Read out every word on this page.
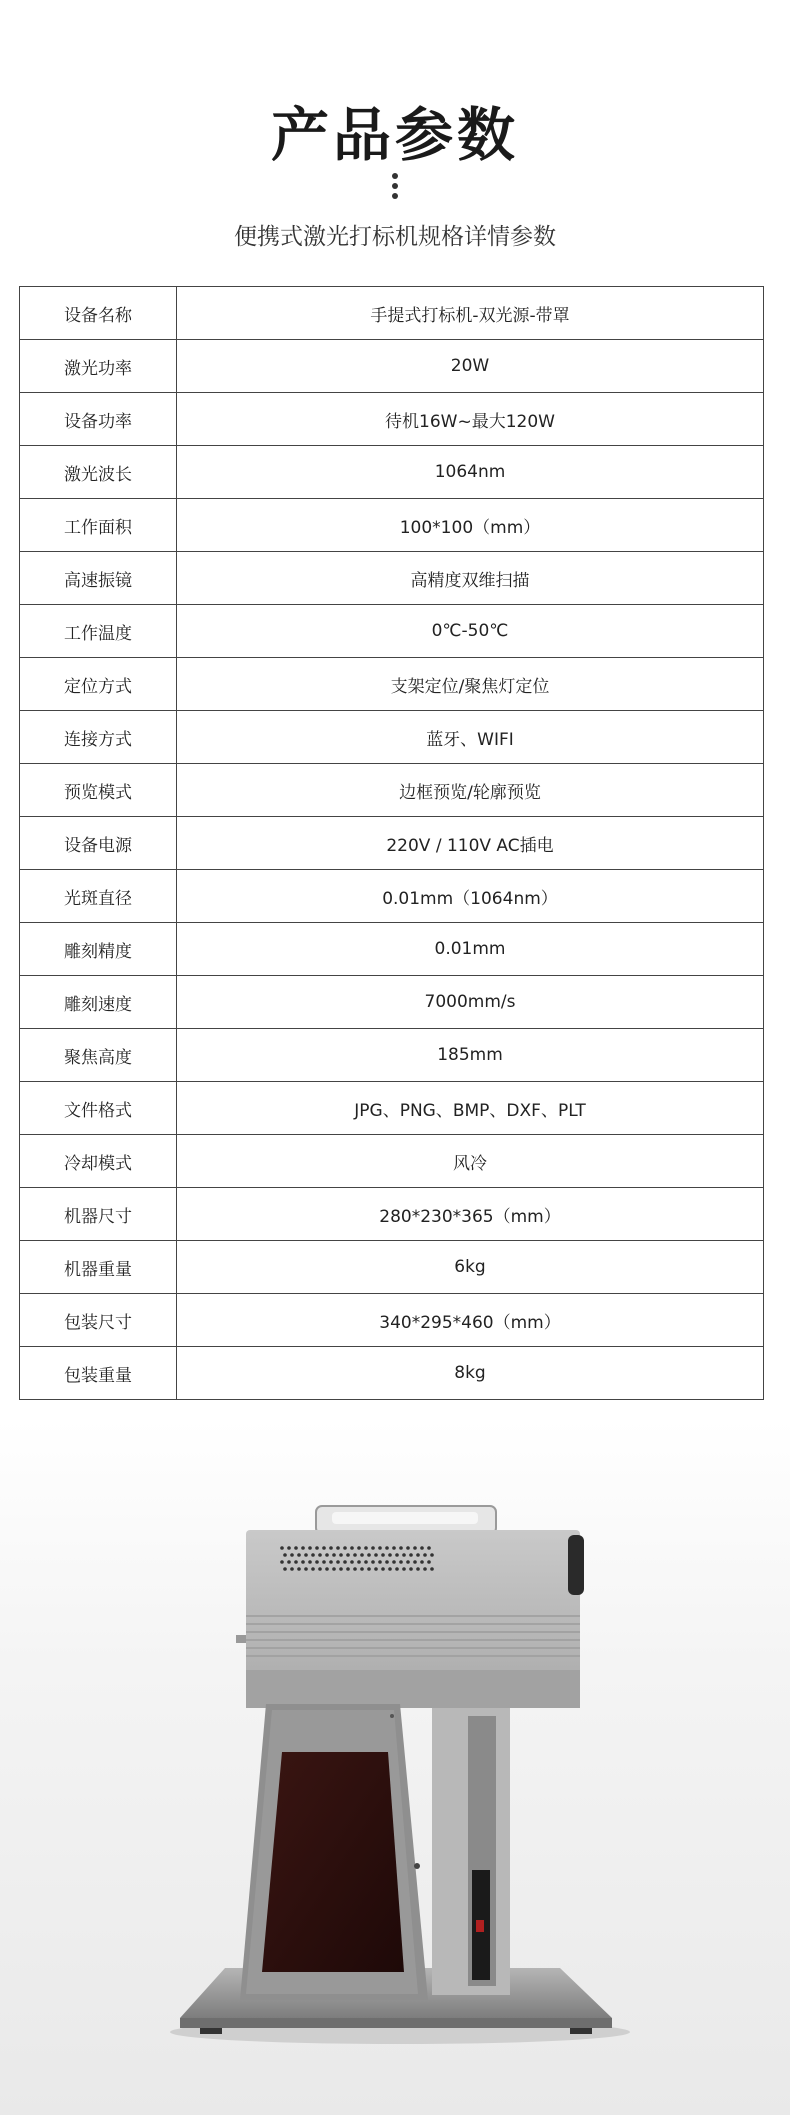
产品参数
便携式激光打标机规格详情参数
设备名称	手提式打标机-双光源-带罩
激光功率	20W
设备功率	待机16W~最大120W
激光波长	1064nm
工作面积	100*100（mm）
高速振镜	高精度双维扫描
工作温度	0℃-50℃
定位方式	支架定位/聚焦灯定位
连接方式	蓝牙、WIFI
预览模式	边框预览/轮廓预览
设备电源	220V / 110V AC插电
光斑直径	0.01mm（1064nm）
雕刻精度	0.01mm
雕刻速度	7000mm/s
聚焦高度	185mm
文件格式	JPG、PNG、BMP、DXF、PLT
冷却模式	风冷
机器尺寸	280*230*365（mm）
机器重量	6kg
包装尺寸	340*295*460（mm）
包装重量	8kg
